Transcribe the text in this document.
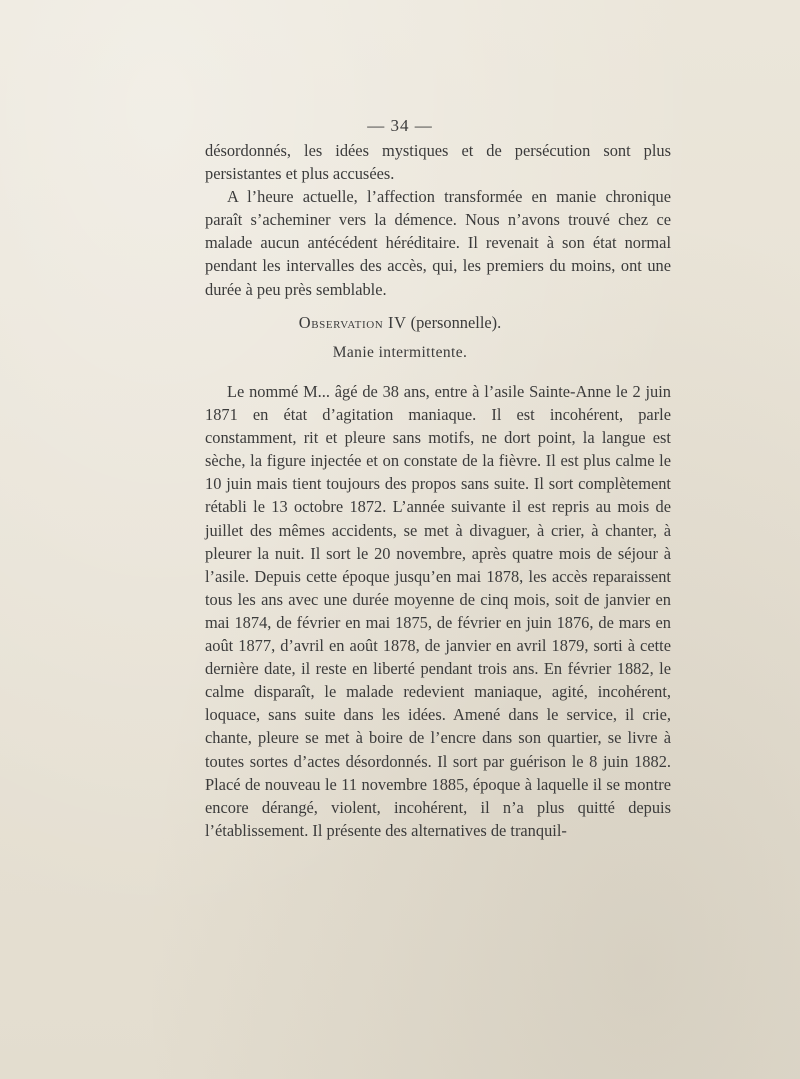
— 34 —

désordonnés, les idées mystiques et de persécution sont plus persistantes et plus accusées.

A l’heure actuelle, l’affection transformée en manie chronique paraît s’acheminer vers la démence. Nous n’avons trouvé chez ce malade aucun antécédent héréditaire. Il revenait à son état normal pendant les intervalles des accès, qui, les premiers du moins, ont une durée à peu près semblable.

Observation IV (personnelle).
Manie intermittente.

Le nommé M... âgé de 38 ans, entre à l’asile Sainte-Anne le 2 juin 1871 en état d’agitation maniaque. Il est incohérent, parle constamment, rit et pleure sans motifs, ne dort point, la langue est sèche, la figure injectée et on constate de la fièvre. Il est plus calme le 10 juin mais tient toujours des propos sans suite. Il sort complètement rétabli le 13 octobre 1872. L’année suivante il est repris au mois de juillet des mêmes accidents, se met à divaguer, à crier, à chanter, à pleurer la nuit. Il sort le 20 novembre, après quatre mois de séjour à l’asile. Depuis cette époque jusqu’en mai 1878, les accès reparaissent tous les ans avec une durée moyenne de cinq mois, soit de janvier en mai 1874, de février en mai 1875, de février en juin 1876, de mars en août 1877, d’avril en août 1878, de janvier en avril 1879, sorti à cette dernière date, il reste en liberté pendant trois ans. En février 1882, le calme disparaît, le malade redevient maniaque, agité, incohérent, loquace, sans suite dans les idées. Amené dans le service, il crie, chante, pleure se met à boire de l’encre dans son quartier, se livre à toutes sortes d’actes désordonnés. Il sort par guérison le 8 juin 1882. Placé de nouveau le 11 novembre 1885, époque à laquelle il se montre encore dérangé, violent, incohérent, il n’a plus quitté depuis l’établissement. Il présente des alternatives de tranquil-
